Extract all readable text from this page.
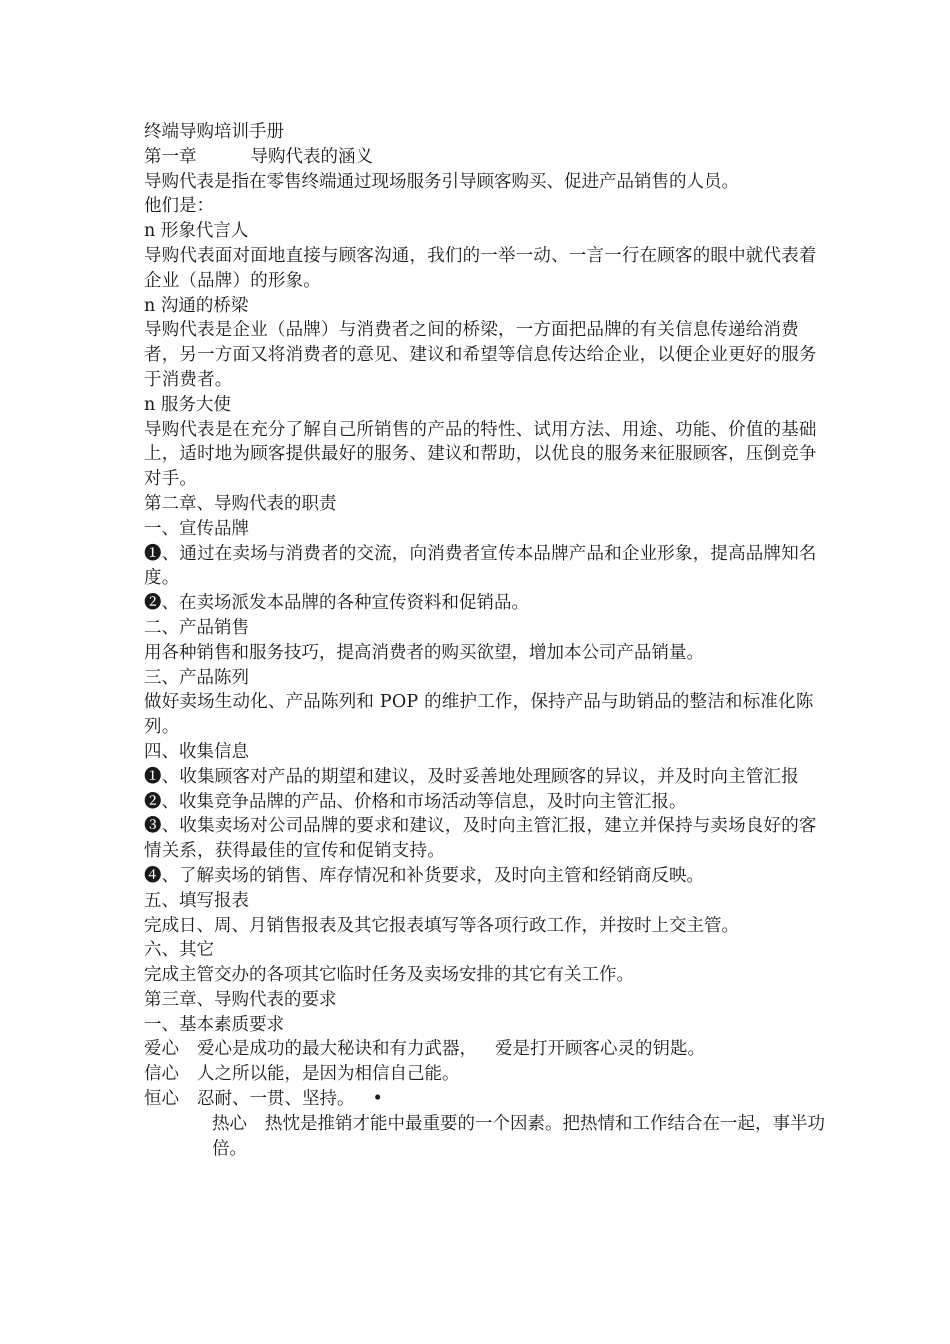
终端导购培训手册

第一章	导购代表的涵义

导购代表是指在零售终端通过现场服务引导顾客购买、促进产品销售的人员。

他们是：

n 形象代言人

导购代表面对面地直接与顾客沟通，我们的一举一动、一言一行在顾客的眼中就代表着企业（品牌）的形象。

n 沟通的桥梁

导购代表是企业（品牌）与消费者之间的桥梁，一方面把品牌的有关信息传递给消费者，另一方面又将消费者的意见、建议和希望等信息传达给企业，以便企业更好的服务于消费者。

n 服务大使

导购代表是在充分了解自己所销售的产品的特性、试用方法、用途、功能、价值的基础上，适时地为顾客提供最好的服务、建议和帮助，以优良的服务来征服顾客，压倒竞争对手。

第二章、导购代表的职责

一、宣传品牌

❶、通过在卖场与消费者的交流，向消费者宣传本品牌产品和企业形象，提高品牌知名度。

❷、在卖场派发本品牌的各种宣传资料和促销品。

二、产品销售

用各种销售和服务技巧，提高消费者的购买欲望，增加本公司产品销量。

三、产品陈列

做好卖场生动化、产品陈列和 POP 的维护工作，保持产品与助销品的整洁和标准化陈列。

四、收集信息

❶、收集顾客对产品的期望和建议，及时妥善地处理顾客的异议，并及时向主管汇报

❷、收集竞争品牌的产品、价格和市场活动等信息，及时向主管汇报。

❸、收集卖场对公司品牌的要求和建议，及时向主管汇报，建立并保持与卖场良好的客情关系，获得最佳的宣传和促销支持。

❹、了解卖场的销售、库存情况和补货要求，及时向主管和经销商反映。

五、填写报表

完成日、周、月销售报表及其它报表填写等各项行政工作，并按时上交主管。

六、其它

完成主管交办的各项其它临时任务及卖场安排的其它有关工作。

第三章、导购代表的要求

一、基本素质要求

爱心 爱心是成功的最大秘诀和有力武器， 爱是打开顾客心灵的钥匙。

信心 人之所以能，是因为相信自己能。

恒心 忍耐、一贯、坚持。 •

热心 热忱是推销才能中最重要的一个因素。把热情和工作结合在一起，事半功倍。
